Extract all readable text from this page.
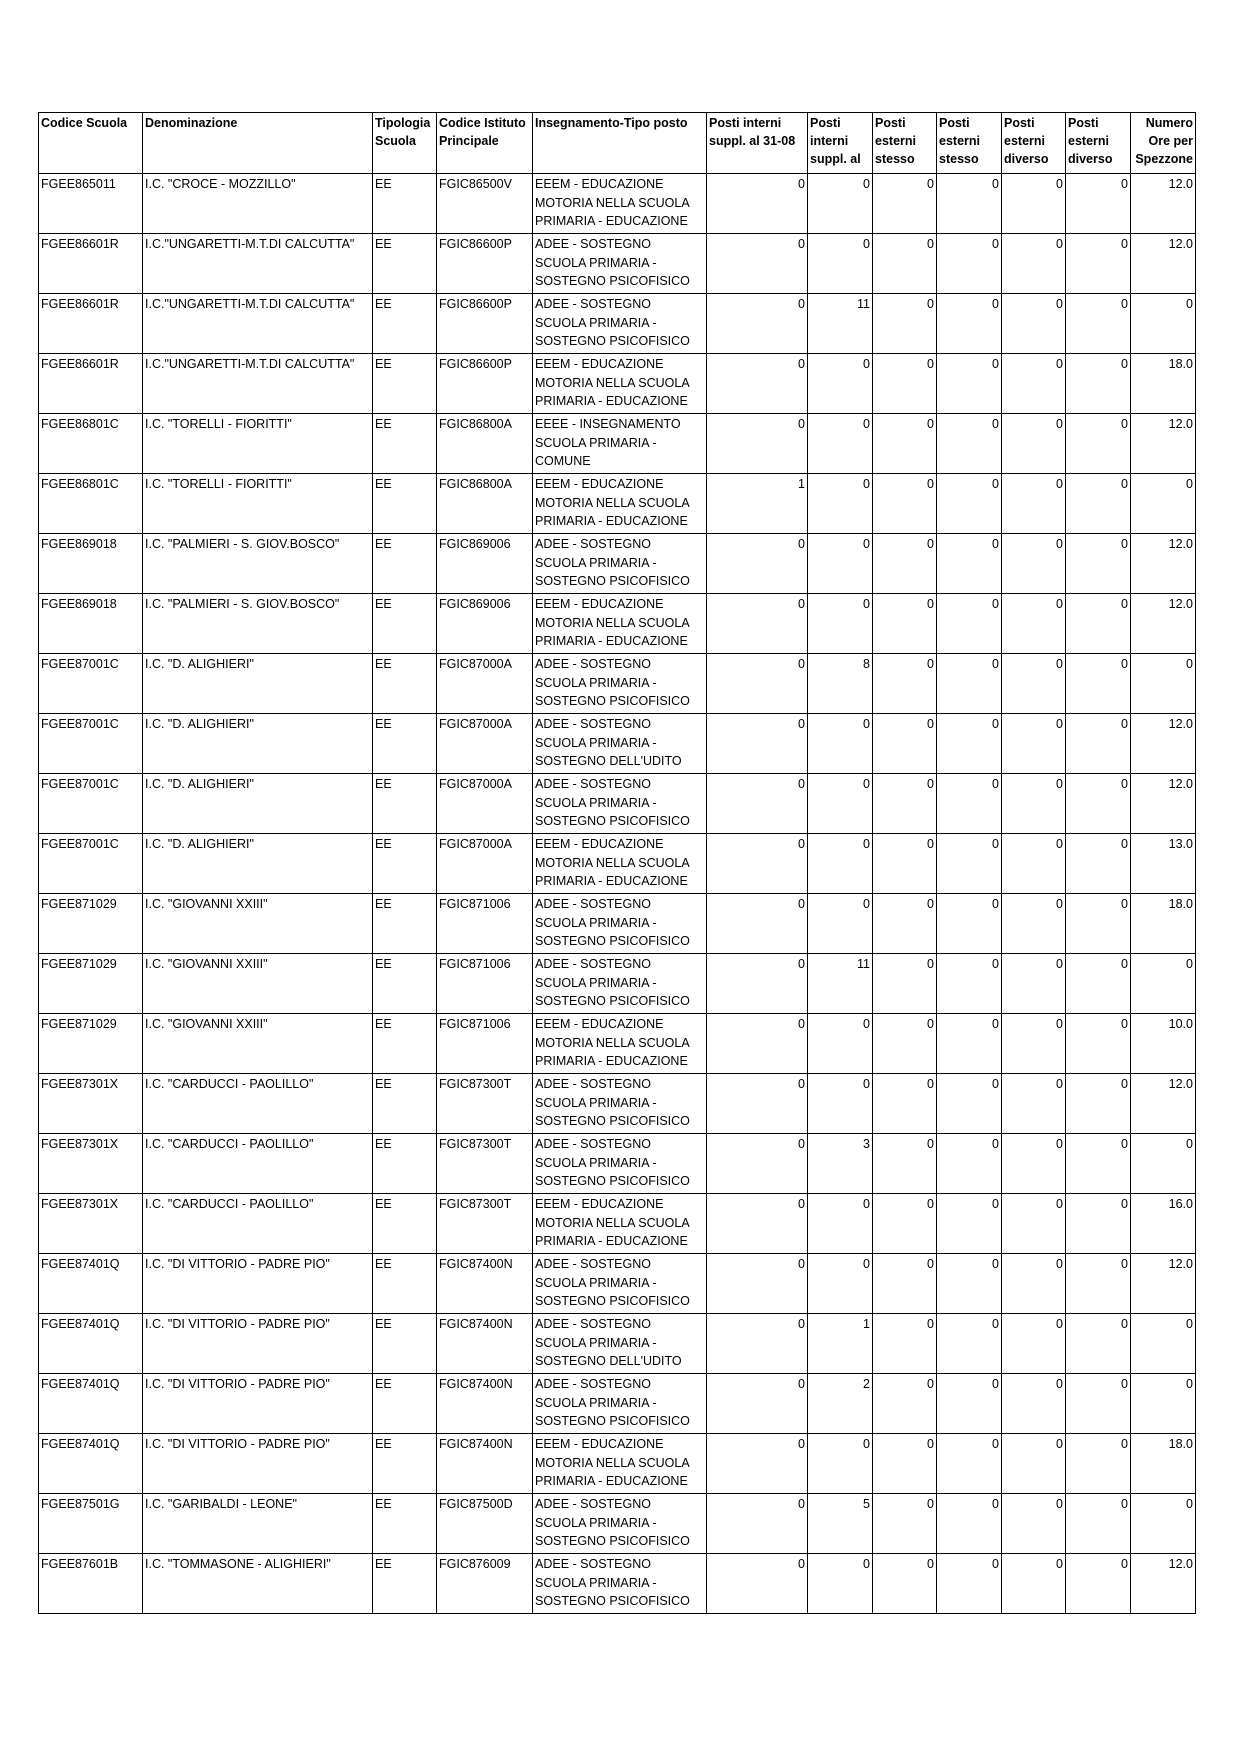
Codice Scuola	Denominazione	Tipologia Scuola	Codice Istituto Principale	Insegnamento-Tipo posto	Posti interni suppl. al 31-08	Posti interni suppl. al	Posti esterni stesso	Posti esterni stesso	Posti esterni diverso	Posti esterni diverso	Numero Ore per Spezzone
FGEE865011	I.C. "CROCE - MOZZILLO"	EE	FGIC86500V	EEEM - EDUCAZIONE MOTORIA NELLA SCUOLA PRIMARIA - EDUCAZIONE	0	0	0	0	0	0	12.0
FGEE86601R	I.C."UNGARETTI-M.T.DI CALCUTTA"	EE	FGIC86600P	ADEE - SOSTEGNO SCUOLA PRIMARIA - SOSTEGNO PSICOFISICO	0	0	0	0	0	0	12.0
FGEE86601R	I.C."UNGARETTI-M.T.DI CALCUTTA"	EE	FGIC86600P	ADEE - SOSTEGNO SCUOLA PRIMARIA - SOSTEGNO PSICOFISICO	0	11	0	0	0	0	0
FGEE86601R	I.C."UNGARETTI-M.T.DI CALCUTTA"	EE	FGIC86600P	EEEM - EDUCAZIONE MOTORIA NELLA SCUOLA PRIMARIA - EDUCAZIONE	0	0	0	0	0	0	18.0
FGEE86801C	I.C. "TORELLI - FIORITTI"	EE	FGIC86800A	EEEE - INSEGNAMENTO SCUOLA PRIMARIA - COMUNE	0	0	0	0	0	0	12.0
FGEE86801C	I.C. "TORELLI - FIORITTI"	EE	FGIC86800A	EEEM - EDUCAZIONE MOTORIA NELLA SCUOLA PRIMARIA - EDUCAZIONE	1	0	0	0	0	0	0
FGEE869018	I.C. "PALMIERI - S. GIOV.BOSCO"	EE	FGIC869006	ADEE - SOSTEGNO SCUOLA PRIMARIA - SOSTEGNO PSICOFISICO	0	0	0	0	0	0	12.0
FGEE869018	I.C. "PALMIERI - S. GIOV.BOSCO"	EE	FGIC869006	EEEM - EDUCAZIONE MOTORIA NELLA SCUOLA PRIMARIA - EDUCAZIONE	0	0	0	0	0	0	12.0
FGEE87001C	I.C. "D. ALIGHIERI"	EE	FGIC87000A	ADEE - SOSTEGNO SCUOLA PRIMARIA - SOSTEGNO PSICOFISICO	0	8	0	0	0	0	0
FGEE87001C	I.C. "D. ALIGHIERI"	EE	FGIC87000A	ADEE - SOSTEGNO SCUOLA PRIMARIA - SOSTEGNO DELL'UDITO	0	0	0	0	0	0	12.0
FGEE87001C	I.C. "D. ALIGHIERI"	EE	FGIC87000A	ADEE - SOSTEGNO SCUOLA PRIMARIA - SOSTEGNO PSICOFISICO	0	0	0	0	0	0	12.0
FGEE87001C	I.C. "D. ALIGHIERI"	EE	FGIC87000A	EEEM - EDUCAZIONE MOTORIA NELLA SCUOLA PRIMARIA - EDUCAZIONE	0	0	0	0	0	0	13.0
FGEE871029	I.C. "GIOVANNI XXIII"	EE	FGIC871006	ADEE - SOSTEGNO SCUOLA PRIMARIA - SOSTEGNO PSICOFISICO	0	0	0	0	0	0	18.0
FGEE871029	I.C. "GIOVANNI XXIII"	EE	FGIC871006	ADEE - SOSTEGNO SCUOLA PRIMARIA - SOSTEGNO PSICOFISICO	0	11	0	0	0	0	0
FGEE871029	I.C. "GIOVANNI XXIII"	EE	FGIC871006	EEEM - EDUCAZIONE MOTORIA NELLA SCUOLA PRIMARIA - EDUCAZIONE	0	0	0	0	0	0	10.0
FGEE87301X	I.C. "CARDUCCI - PAOLILLO"	EE	FGIC87300T	ADEE - SOSTEGNO SCUOLA PRIMARIA - SOSTEGNO PSICOFISICO	0	0	0	0	0	0	12.0
FGEE87301X	I.C. "CARDUCCI - PAOLILLO"	EE	FGIC87300T	ADEE - SOSTEGNO SCUOLA PRIMARIA - SOSTEGNO PSICOFISICO	0	3	0	0	0	0	0
FGEE87301X	I.C. "CARDUCCI - PAOLILLO"	EE	FGIC87300T	EEEM - EDUCAZIONE MOTORIA NELLA SCUOLA PRIMARIA - EDUCAZIONE	0	0	0	0	0	0	16.0
FGEE87401Q	I.C. "DI VITTORIO - PADRE PIO"	EE	FGIC87400N	ADEE - SOSTEGNO SCUOLA PRIMARIA - SOSTEGNO PSICOFISICO	0	0	0	0	0	0	12.0
FGEE87401Q	I.C. "DI VITTORIO - PADRE PIO"	EE	FGIC87400N	ADEE - SOSTEGNO SCUOLA PRIMARIA - SOSTEGNO DELL'UDITO	0	1	0	0	0	0	0
FGEE87401Q	I.C. "DI VITTORIO - PADRE PIO"	EE	FGIC87400N	ADEE - SOSTEGNO SCUOLA PRIMARIA - SOSTEGNO PSICOFISICO	0	2	0	0	0	0	0
FGEE87401Q	I.C. "DI VITTORIO - PADRE PIO"	EE	FGIC87400N	EEEM - EDUCAZIONE MOTORIA NELLA SCUOLA PRIMARIA - EDUCAZIONE	0	0	0	0	0	0	18.0
FGEE87501G	I.C. "GARIBALDI - LEONE"	EE	FGIC87500D	ADEE - SOSTEGNO SCUOLA PRIMARIA - SOSTEGNO PSICOFISICO	0	5	0	0	0	0	0
FGEE87601B	I.C. "TOMMASONE - ALIGHIERI"	EE	FGIC876009	ADEE - SOSTEGNO SCUOLA PRIMARIA - SOSTEGNO PSICOFISICO	0	0	0	0	0	0	12.0
